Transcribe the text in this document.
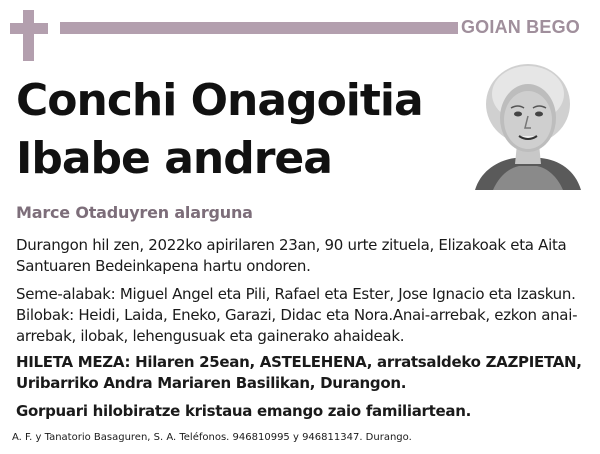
GOIAN BEGO
Conchi Onagoitia
Ibabe andrea
Marce Otaduyren alarguna
Durangon hil zen, 2022ko apirilaren 23an, 90 urte zituela, Elizakoak eta Aita Santuaren Bedeinkapena hartu ondoren.
Seme-alabak: Miguel Angel eta Pili, Rafael eta Ester, Jose Ignacio eta Izaskun. Bilobak: Heidi, Laida, Eneko, Garazi, Didac eta Nora.Anai-arrebak, ezkon anai-arrebak, ilobak, lehengusuak eta gainerako ahaideak.
HILETA MEZA: Hilaren 25ean, ASTELEHENA, arratsaldeko ZAZPIETAN, Uribarriko Andra Mariaren Basilikan, Durangon.
Gorpuari hilobiratze kristaua emango zaio familiartean.
A. F. y Tanatorio Basaguren, S. A. Teléfonos. 946810995 y 946811347. Durango.
